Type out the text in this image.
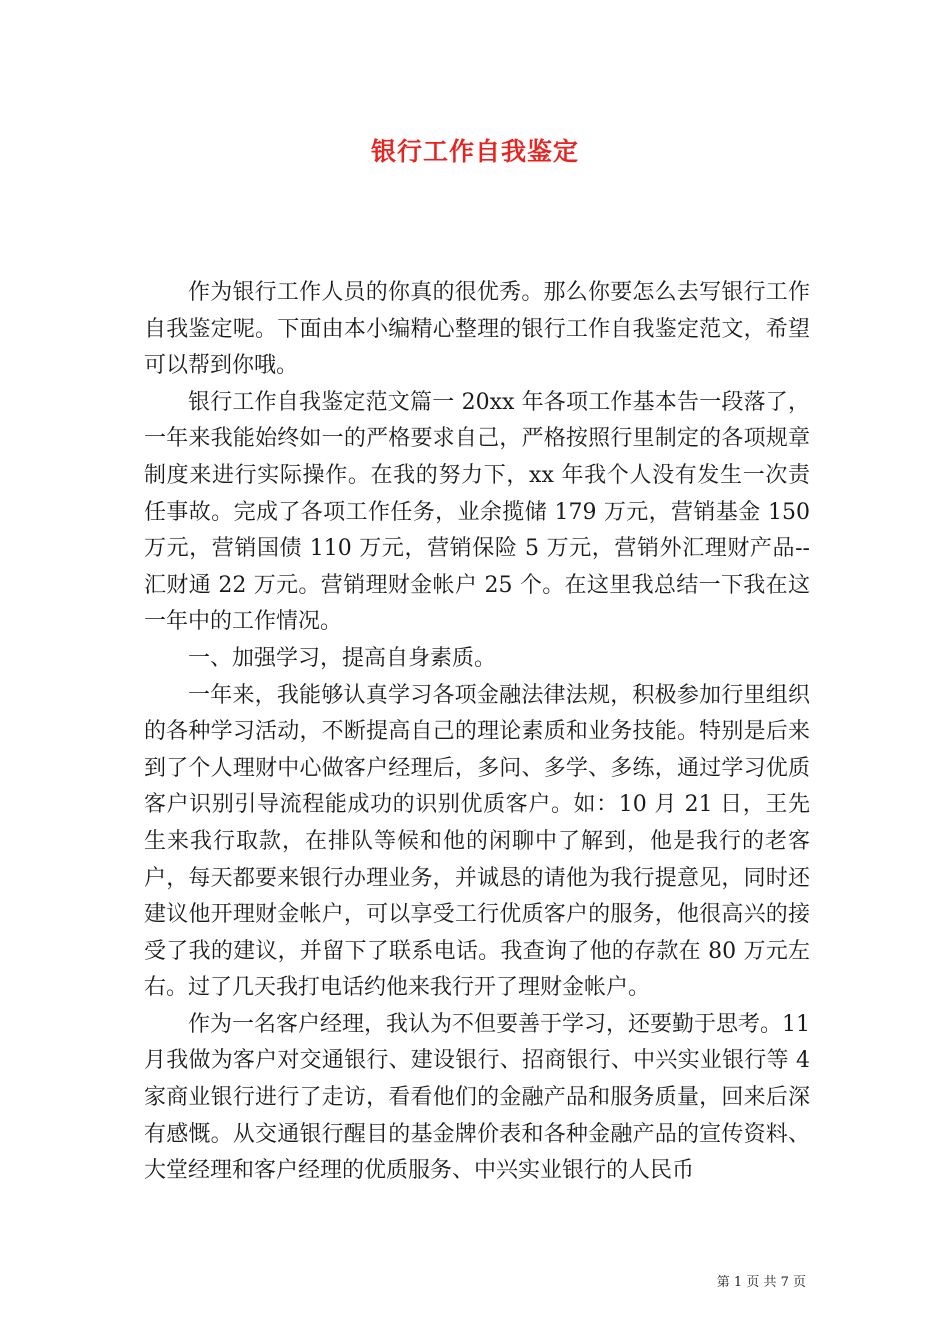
银行工作自我鉴定

作为银行工作人员的你真的很优秀。那么你要怎么去写银行工作自我鉴定呢。下面由本小编精心整理的银行工作自我鉴定范文，希望可以帮到你哦。

银行工作自我鉴定范文篇一 20xx 年各项工作基本告一段落了，一年来我能始终如一的严格要求自己，严格按照行里制定的各项规章制度来进行实际操作。在我的努力下，xx 年我个人没有发生一次责任事故。完成了各项工作任务，业余揽储 179 万元，营销基金 150 万元，营销国债 110 万元，营销保险 5 万元，营销外汇理财产品--汇财通 22 万元。营销理财金帐户 25 个。在这里我总结一下我在这一年中的工作情况。

一、加强学习，提高自身素质。

一年来，我能够认真学习各项金融法律法规，积极参加行里组织的各种学习活动，不断提高自己的理论素质和业务技能。特别是后来到了个人理财中心做客户经理后，多问、多学、多练，通过学习优质客户识别引导流程能成功的识别优质客户。如：10 月 21 日，王先生来我行取款，在排队等候和他的闲聊中了解到，他是我行的老客户，每天都要来银行办理业务，并诚恳的请他为我行提意见，同时还建议他开理财金帐户，可以享受工行优质客户的服务，他很高兴的接受了我的建议，并留下了联系电话。我查询了他的存款在 80 万元左右。过了几天我打电话约他来我行开了理财金帐户。

作为一名客户经理，我认为不但要善于学习，还要勤于思考。11 月我做为客户对交通银行、建设银行、招商银行、中兴实业银行等 4 家商业银行进行了走访，看看他们的金融产品和服务质量，回来后深有感慨。从交通银行醒目的基金牌价表和各种金融产品的宣传资料、大堂经理和客户经理的优质服务、中兴实业银行的人民币

第 1 页 共 7 页
